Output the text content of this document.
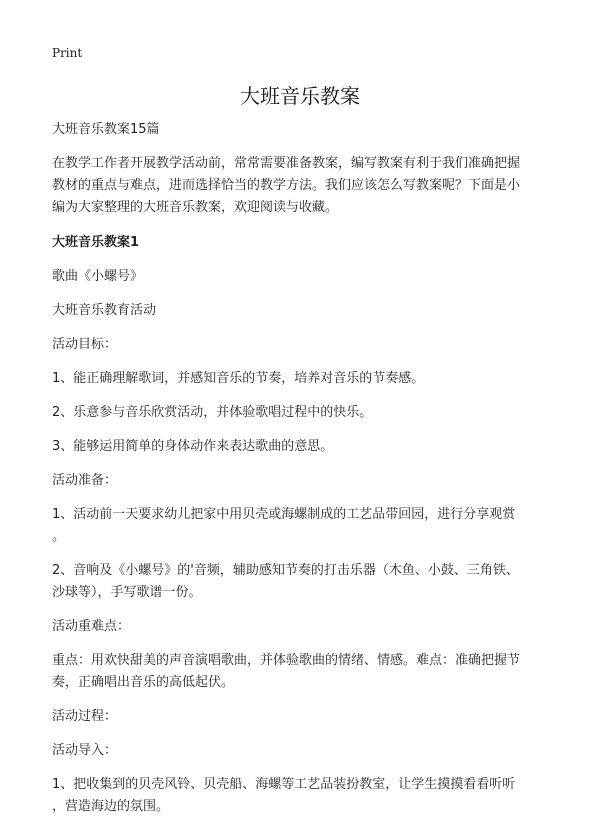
Print
大班音乐教案

大班音乐教案15篇

在教学工作者开展教学活动前，常常需要准备教案，编写教案有利于我们准确把握

教材的重点与难点，进而选择恰当的教学方法。我们应该怎么写教案呢？下面是小

编为大家整理的大班音乐教案，欢迎阅读与收藏。

大班音乐教案1

歌曲《小螺号》

大班音乐教育活动

活动目标：

1、能正确理解歌词，并感知音乐的节奏，培养对音乐的节奏感。

2、乐意参与音乐欣赏活动，并体验歌唱过程中的快乐。

3、能够运用简单的身体动作来表达歌曲的意思。

活动准备：

1、活动前一天要求幼儿把家中用贝壳或海螺制成的工艺品带回园，进行分享观赏

。

2、音响及《小螺号》的'音频，辅助感知节奏的打击乐器（木鱼、小鼓、三角铁、

沙球等），手写歌谱一份。

活动重难点：

重点：用欢快甜美的声音演唱歌曲，并体验歌曲的情绪、情感。难点：准确把握节

奏，正确唱出音乐的高低起伏。

活动过程：

活动导入：

1、把收集到的贝壳风铃、贝壳船、海螺等工艺品装扮教室，让学生摸摸看看听听

，营造海边的氛围。
